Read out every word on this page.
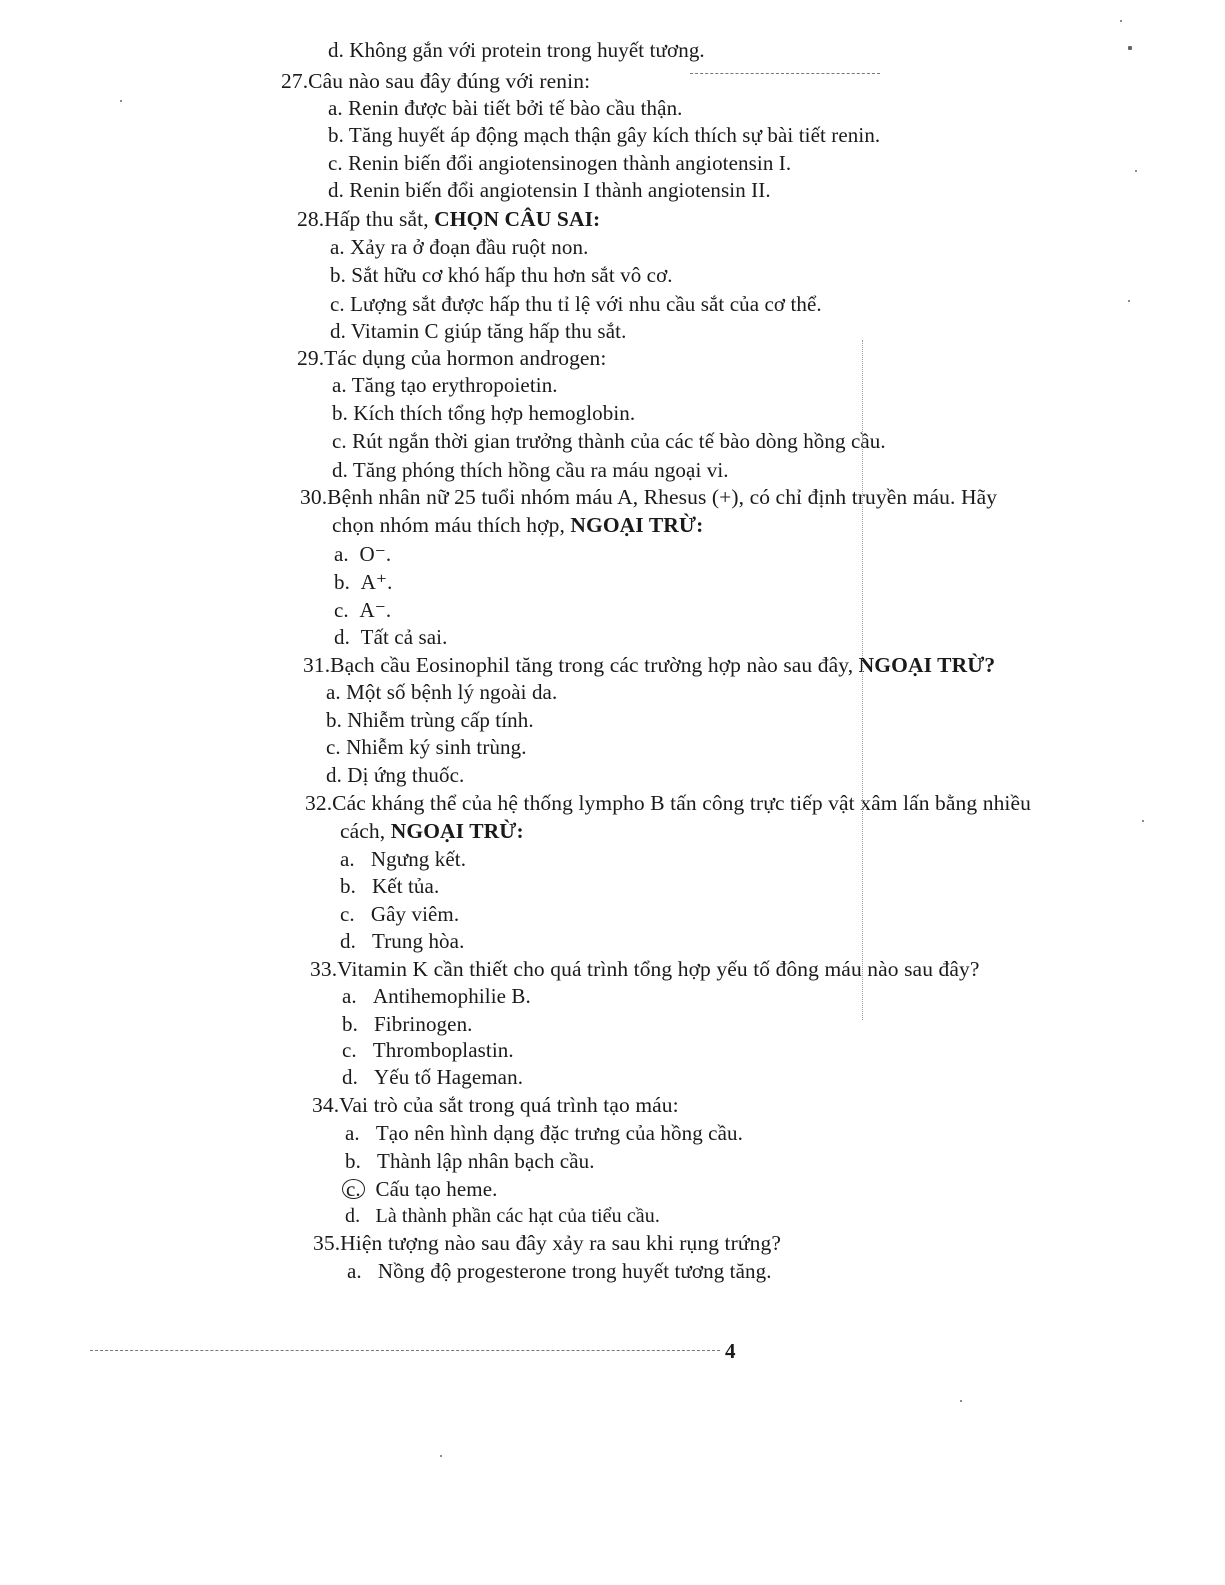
d. Không gắn với protein trong huyết tương.
27.Câu nào sau đây đúng với renin:
a. Renin được bài tiết bởi tế bào cầu thận.
b. Tăng huyết áp động mạch thận gây kích thích sự bài tiết renin.
c. Renin biến đổi angiotensinogen thành angiotensin I.
d. Renin biến đổi angiotensin I thành angiotensin II.
28.Hấp thu sắt, CHỌN CÂU SAI:
a. Xảy ra ở đoạn đầu ruột non.
b. Sắt hữu cơ khó hấp thu hơn sắt vô cơ.
c. Lượng sắt được hấp thu tỉ lệ với nhu cầu sắt của cơ thể.
d. Vitamin C giúp tăng hấp thu sắt.
29.Tác dụng của hormon androgen:
a. Tăng tạo erythropoietin.
b. Kích thích tổng hợp hemoglobin.
c. Rút ngắn thời gian trưởng thành của các tế bào dòng hồng cầu.
d. Tăng phóng thích hồng cầu ra máu ngoại vi.
30.Bệnh nhân nữ 25 tuổi nhóm máu A, Rhesus (+), có chỉ định truyền máu. Hãy
chọn nhóm máu thích hợp, NGOẠI TRỪ:
a. O⁻.
b. A⁺.
c. A⁻.
d. Tất cả sai.
31.Bạch cầu Eosinophil tăng trong các trường hợp nào sau đây, NGOẠI TRỪ?
a. Một số bệnh lý ngoài da.
b. Nhiễm trùng cấp tính.
c. Nhiễm ký sinh trùng.
d. Dị ứng thuốc.
32.Các kháng thể của hệ thống lympho B tấn công trực tiếp vật xâm lấn bằng nhiều
cách, NGOẠI TRỪ:
a. Ngưng kết.
b. Kết tủa.
c. Gây viêm.
d. Trung hòa.
33.Vitamin K cần thiết cho quá trình tổng hợp yếu tố đông máu nào sau đây?
a. Antihemophilie B.
b. Fibrinogen.
c. Thromboplastin.
d. Yếu tố Hageman.
34.Vai trò của sắt trong quá trình tạo máu:
a. Tạo nên hình dạng đặc trưng của hồng cầu.
b. Thành lập nhân bạch cầu.
c. Cấu tạo heme.
d. Là thành phần các hạt của tiểu cầu.
35.Hiện tượng nào sau đây xảy ra sau khi rụng trứng?
a. Nồng độ progesterone trong huyết tương tăng.
4
